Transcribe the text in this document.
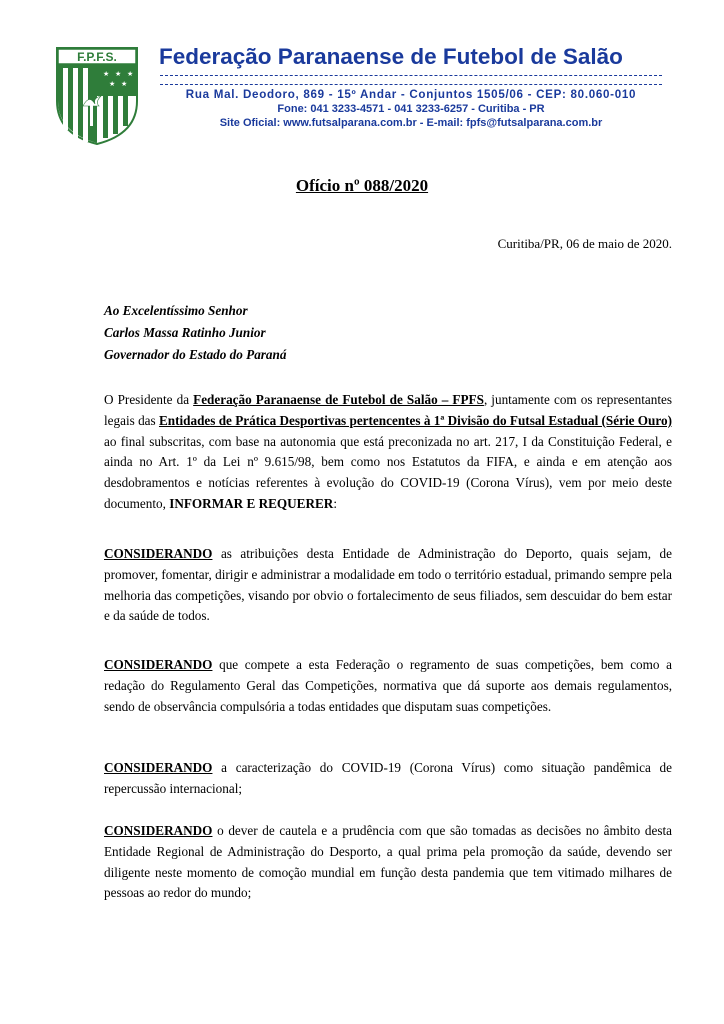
F.P.F.S.
★ ★
★ ★
★
Federação Paranaense de Futebol de Salão
Rua Mal. Deodoro, 869 - 15º Andar - Conjuntos 1505/06 - CEP: 80.060-010
Fone: 041 3233-4571 - 041 3233-6257 - Curitiba - PR
Site Oficial: www.futsalparana.com.br - E-mail: fpfs@futsalparana.com.br
Ofício nº 088/2020
Curitiba/PR, 06 de maio de 2020.
Ao Excelentíssimo Senhor
Carlos Massa Ratinho Junior
Governador do Estado do Paraná

O Presidente da Federação Paranaense de Futebol de Salão – FPFS, juntamente com os representantes legais das Entidades de Prática Desportivas pertencentes à 1ª Divisão do Futsal Estadual (Série Ouro) ao final subscritas, com base na autonomia que está preconizada no art. 217, I da Constituição Federal, e ainda no Art. 1º da Lei nº 9.615/98, bem como nos Estatutos da FIFA, e ainda e em atenção aos desdobramentos e notícias referentes à evolução do COVID-19 (Corona Vírus), vem por meio deste documento, INFORMAR E REQUERER:

CONSIDERANDO as atribuições desta Entidade de Administração do Deporto, quais sejam, de promover, fomentar, dirigir e administrar a modalidade em todo o território estadual, primando sempre pela melhoria das competições, visando por obvio o fortalecimento de seus filiados, sem descuidar do bem estar e da saúde de todos.

CONSIDERANDO que compete a esta Federação o regramento de suas competições, bem como a redação do Regulamento Geral das Competições, normativa que dá suporte aos demais regulamentos, sendo de observância compulsória a todas entidades que disputam suas competições.

CONSIDERANDO a caracterização do COVID-19 (Corona Vírus) como situação pandêmica de repercussão internacional;

CONSIDERANDO o dever de cautela e a prudência com que são tomadas as decisões no âmbito desta Entidade Regional de Administração do Desporto, a qual prima pela promoção da saúde, devendo ser diligente neste momento de comoção mundial em função desta pandemia que tem vitimado milhares de pessoas ao redor do mundo;
